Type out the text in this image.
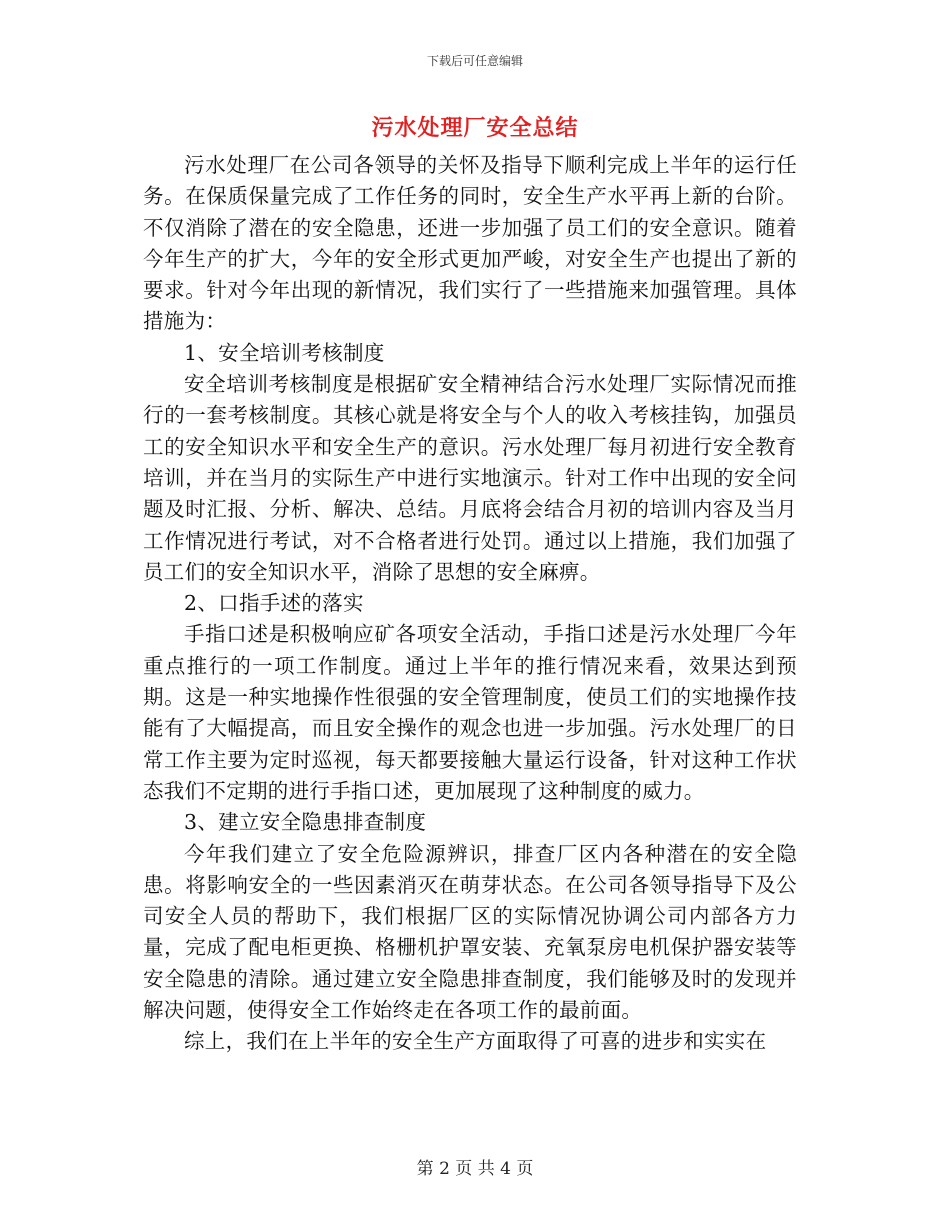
下载后可任意编辑

污水处理厂安全总结

污水处理厂在公司各领导的关怀及指导下顺利完成上半年的运行任务。在保质保量完成了工作任务的同时，安全生产水平再上新的台阶。不仅消除了潜在的安全隐患，还进一步加强了员工们的安全意识。随着今年生产的扩大，今年的安全形式更加严峻，对安全生产也提出了新的要求。针对今年出现的新情况，我们实行了一些措施来加强管理。具体措施为：

1、安全培训考核制度

安全培训考核制度是根据矿安全精神结合污水处理厂实际情况而推行的一套考核制度。其核心就是将安全与个人的收入考核挂钩，加强员工的安全知识水平和安全生产的意识。污水处理厂每月初进行安全教育培训，并在当月的实际生产中进行实地演示。针对工作中出现的安全问题及时汇报、分析、解决、总结。月底将会结合月初的培训内容及当月工作情况进行考试，对不合格者进行处罚。通过以上措施，我们加强了员工们的安全知识水平，消除了思想的安全麻痹。

2、口指手述的落实

手指口述是积极响应矿各项安全活动，手指口述是污水处理厂今年重点推行的一项工作制度。通过上半年的推行情况来看，效果达到预期。这是一种实地操作性很强的安全管理制度，使员工们的实地操作技能有了大幅提高，而且安全操作的观念也进一步加强。污水处理厂的日常工作主要为定时巡视，每天都要接触大量运行设备，针对这种工作状态我们不定期的进行手指口述，更加展现了这种制度的威力。

3、建立安全隐患排查制度

今年我们建立了安全危险源辨识，排查厂区内各种潜在的安全隐患。将影响安全的一些因素消灭在萌芽状态。在公司各领导指导下及公司安全人员的帮助下，我们根据厂区的实际情况协调公司内部各方力量，完成了配电柜更换、格栅机护罩安装、充氧泵房电机保护器安装等安全隐患的清除。通过建立安全隐患排查制度，我们能够及时的发现并解决问题，使得安全工作始终走在各项工作的最前面。

综上，我们在上半年的安全生产方面取得了可喜的进步和实实在

第 2 页 共 4 页
